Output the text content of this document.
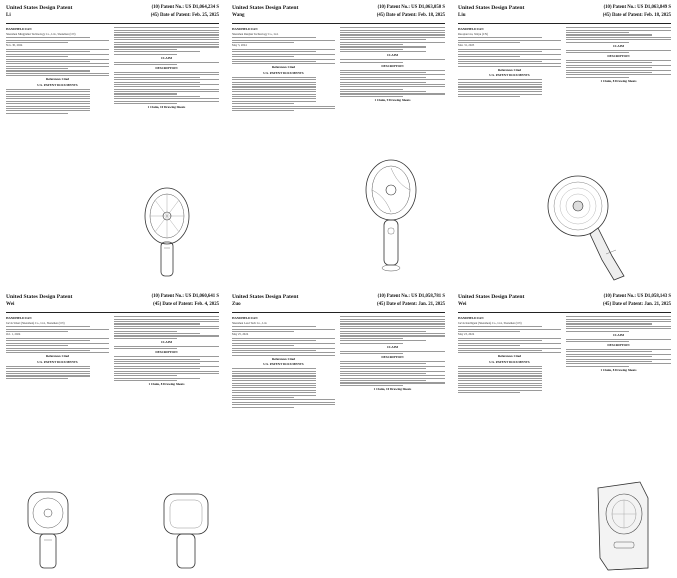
United States Design Patent
Li
(10) Patent No.: US D1,064,234 S
(45) Date of Patent: Feb. 25, 2025
HANDHELD FAN
Shenzhen Mingjiahui Technology Co., Ltd., Shenzhen (CN)
Nov. 30, 2024
References Cited
U.S. PATENT DOCUMENTS
CLAIM
DESCRIPTION
1 Claim, 10 Drawing Sheets
United States Design Patent
Wang
(10) Patent No.: US D1,063,050 S
(45) Date of Patent: Feb. 18, 2025
HANDHELD FAN
Shenzhen Runjian Technology Co., Ltd.
May 3, 2024
References Cited
U.S. PATENT DOCUMENTS
CLAIM
DESCRIPTION
1 Claim, 9 Drawing Sheets
United States Design Patent
Liu
(10) Patent No.: US D1,063,849 S
(45) Date of Patent: Feb. 18, 2025
HANDHELD FAN
Ruoqian Liu, Xinyu (CN)
Mar. 31, 2023
References Cited
U.S. PATENT DOCUMENTS
CLAIM
DESCRIPTION
1 Claim, 8 Drawing Sheets
United States Design Patent
Wei
(10) Patent No.: US D1,060,641 S
(45) Date of Patent: Feb. 4, 2025
HANDHELD FAN
Jarvis Smart (Shenzhen) Co., Ltd., Shenzhen (CN)
Oct. 1, 2024
References Cited
U.S. PATENT DOCUMENTS
CLAIM
DESCRIPTION
1 Claim, 8 Drawing Sheets
United States Design Patent
Zuo
(10) Patent No.: US D1,058,781 S
(45) Date of Patent: Jan. 21, 2025
HANDHELD FAN
Shenzhen Lead Tech Co., Ltd.
May 25, 2024
References Cited
U.S. PATENT DOCUMENTS
CLAIM
DESCRIPTION
1 Claim, 10 Drawing Sheets
United States Design Patent
Wei
(10) Patent No.: US D1,058,143 S
(45) Date of Patent: Jan. 21, 2025
HANDHELD FAN
Jarvis Intelligent (Shenzhen) Co., Ltd., Shenzhen (CN)
May 23, 2024
References Cited
U.S. PATENT DOCUMENTS
CLAIM
DESCRIPTION
1 Claim, 8 Drawing Sheets
